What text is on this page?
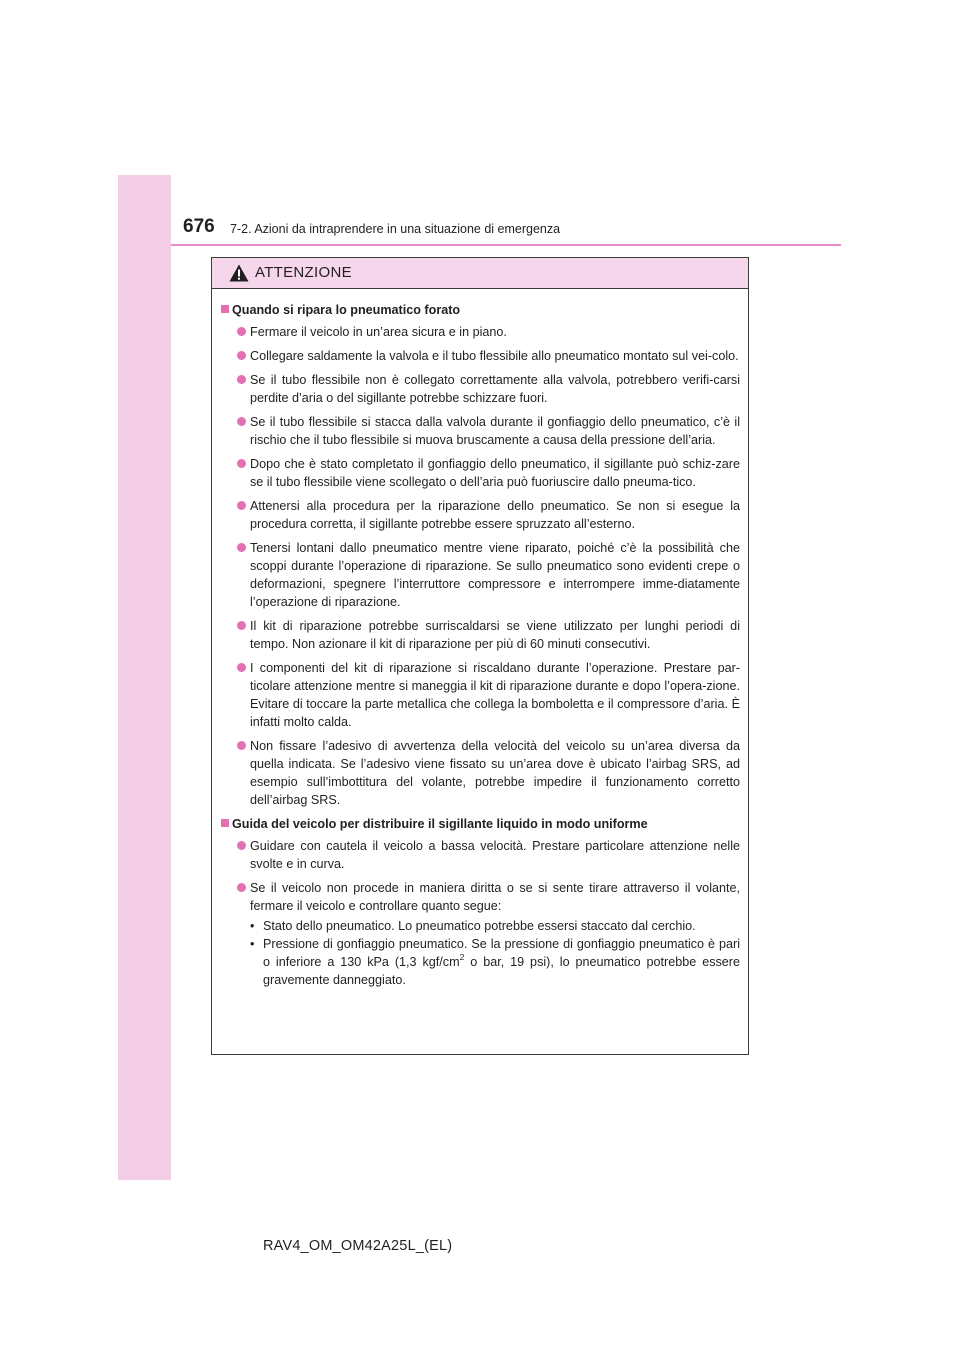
676 7-2. Azioni da intraprendere in una situazione di emergenza
ATTENZIONE
Quando si ripara lo pneumatico forato
Fermare il veicolo in un’area sicura e in piano.
Collegare saldamente la valvola e il tubo flessibile allo pneumatico montato sul vei-colo.
Se il tubo flessibile non è collegato correttamente alla valvola, potrebbero verifi-carsi perdite d’aria o del sigillante potrebbe schizzare fuori.
Se il tubo flessibile si stacca dalla valvola durante il gonfiaggio dello pneumatico, c’è il rischio che il tubo flessibile si muova bruscamente a causa della pressione dell’aria.
Dopo che è stato completato il gonfiaggio dello pneumatico, il sigillante può schiz-zare se il tubo flessibile viene scollegato o dell’aria può fuoriuscire dallo pneuma-tico.
Attenersi alla procedura per la riparazione dello pneumatico. Se non si esegue la procedura corretta, il sigillante potrebbe essere spruzzato all’esterno.
Tenersi lontani dallo pneumatico mentre viene riparato, poiché c’è la possibilità che scoppi durante l’operazione di riparazione. Se sullo pneumatico sono evidenti crepe o deformazioni, spegnere l’interruttore compressore e interrompere imme-diatamente l’operazione di riparazione.
Il kit di riparazione potrebbe surriscaldarsi se viene utilizzato per lunghi periodi di tempo. Non azionare il kit di riparazione per più di 60 minuti consecutivi.
I componenti del kit di riparazione si riscaldano durante l’operazione. Prestare par-ticolare attenzione mentre si maneggia il kit di riparazione durante e dopo l’opera-zione. Evitare di toccare la parte metallica che collega la bomboletta e il compressore d’aria. È infatti molto calda.
Non fissare l’adesivo di avvertenza della velocità del veicolo su un’area diversa da quella indicata. Se l’adesivo viene fissato su un’area dove è ubicato l’airbag SRS, ad esempio sull’imbottitura del volante, potrebbe impedire il funzionamento corretto dell’airbag SRS.
Guida del veicolo per distribuire il sigillante liquido in modo uniforme
Guidare con cautela il veicolo a bassa velocità. Prestare particolare attenzione nelle svolte e in curva.
Se il veicolo non procede in maniera diritta o se si sente tirare attraverso il volante, fermare il veicolo e controllare quanto segue:
• Stato dello pneumatico. Lo pneumatico potrebbe essersi staccato dal cerchio.
• Pressione di gonfiaggio pneumatico. Se la pressione di gonfiaggio pneumatico è pari o inferiore a 130 kPa (1,3 kgf/$cm^2$ o bar, 19 psi), lo pneumatico potrebbe essere gravemente danneggiato.
RAV4_OM_OM42A25L_(EL)
